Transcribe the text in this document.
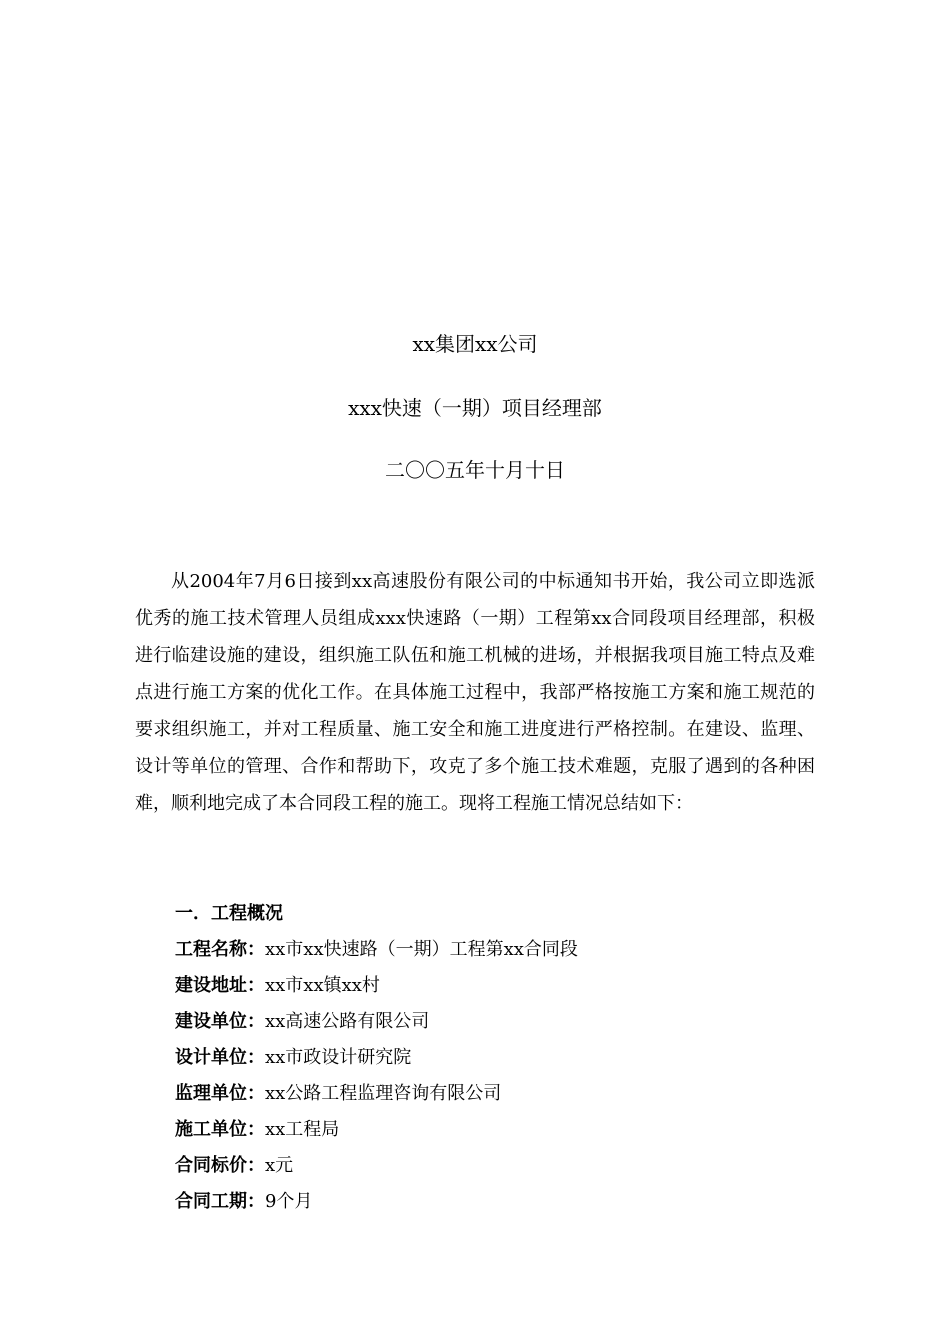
xx集团xx公司
xxx快速（一期）项目经理部
二〇〇五年十月十日

从2004年7月6日接到xx高速股份有限公司的中标通知书开始，我公司立即选派优秀的施工技术管理人员组成xxx快速路（一期）工程第xx合同段项目经理部，积极进行临建设施的建设，组织施工队伍和施工机械的进场，并根据我项目施工特点及难点进行施工方案的优化工作。在具体施工过程中，我部严格按施工方案和施工规范的要求组织施工，并对工程质量、施工安全和施工进度进行严格控制。在建设、监理、设计等单位的管理、合作和帮助下，攻克了多个施工技术难题，克服了遇到的各种困难，顺利地完成了本合同段工程的施工。现将工程施工情况总结如下：

一．工程概况
工程名称：xx市xx快速路（一期）工程第xx合同段
建设地址：xx市xx镇xx村
建设单位：xx高速公路有限公司
设计单位：xx市政设计研究院
监理单位：xx公路工程监理咨询有限公司
施工单位：xx工程局
合同标价：x元
合同工期：9个月
